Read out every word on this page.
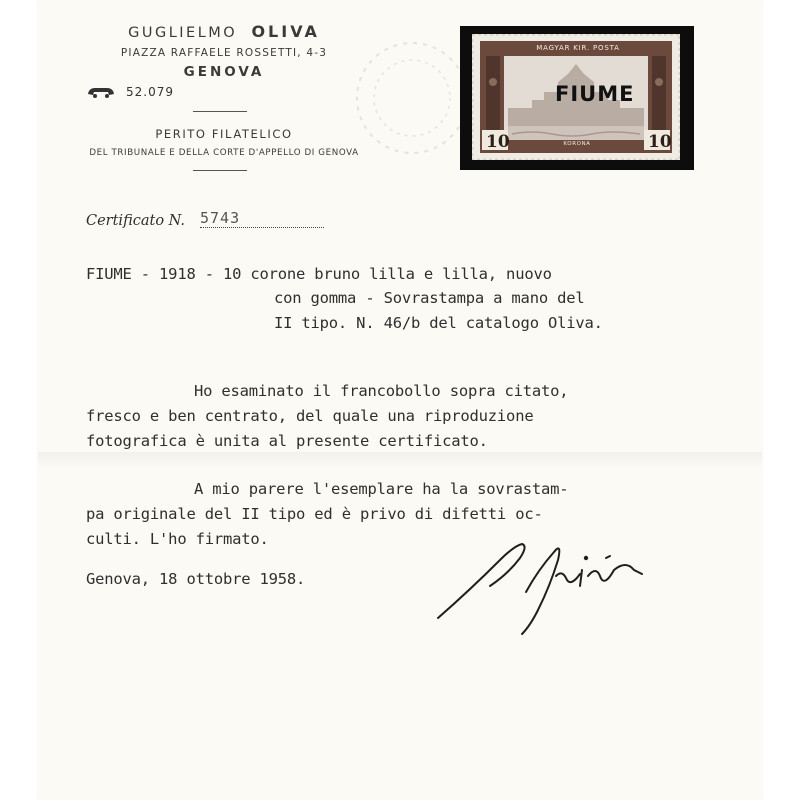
GUGLIELMO OLIVA
PIAZZA RAFFAELE ROSSETTI, 4-3
GENOVA
52.079
PERITO FILATELICO
DEL TRIBUNALE E DELLA CORTE D'APPELLO DI GENOVA
MAGYAR KIR. POSTA
FIUME
10	10
KORONA
Certificato N. 5743
FIUME - 1918 - 10 corone bruno lilla e lilla, nuovo
con gomma - Sovrastampa a mano del
II tipo. N. 46/b del catalogo Oliva.
Ho esaminato il francobollo sopra citato,
fresco e ben centrato, del quale una riproduzione
fotografica è unita al presente certificato.
A mio parere l'esemplare ha la sovrastam-
pa originale del II tipo ed è privo di difetti oc-
culti. L'ho firmato.
Genova, 18 ottobre 1958.
